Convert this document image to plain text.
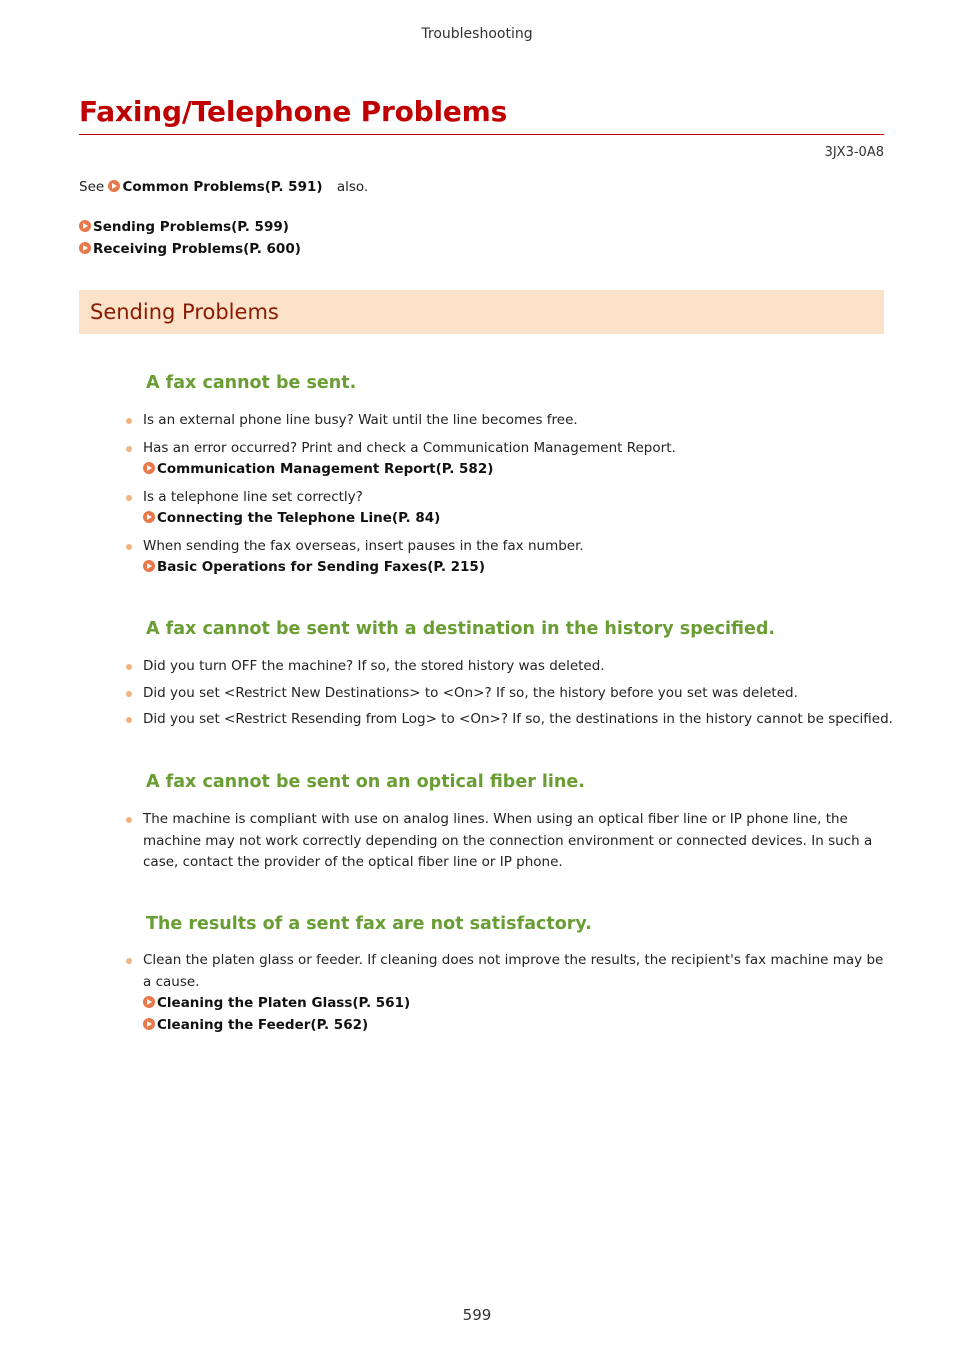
Troubleshooting
Faxing/Telephone Problems
3JX3-0A8
See Common Problems(P. 591) also.
Sending Problems(P. 599)
Receiving Problems(P. 600)
Sending Problems
A fax cannot be sent.
Is an external phone line busy? Wait until the line becomes free.
Has an error occurred? Print and check a Communication Management Report.
Communication Management Report(P. 582)
Is a telephone line set correctly?
Connecting the Telephone Line(P. 84)
When sending the fax overseas, insert pauses in the fax number.
Basic Operations for Sending Faxes(P. 215)
A fax cannot be sent with a destination in the history specified.
Did you turn OFF the machine? If so, the stored history was deleted.
Did you set <Restrict New Destinations> to <On>? If so, the history before you set was deleted.
Did you set <Restrict Resending from Log> to <On>? If so, the destinations in the history cannot be specified.
A fax cannot be sent on an optical fiber line.
The machine is compliant with use on analog lines. When using an optical fiber line or IP phone line, the machine may not work correctly depending on the connection environment or connected devices. In such a case, contact the provider of the optical fiber line or IP phone.
The results of a sent fax are not satisfactory.
Clean the platen glass or feeder. If cleaning does not improve the results, the recipient's fax machine may be a cause.
Cleaning the Platen Glass(P. 561)
Cleaning the Feeder(P. 562)
599
